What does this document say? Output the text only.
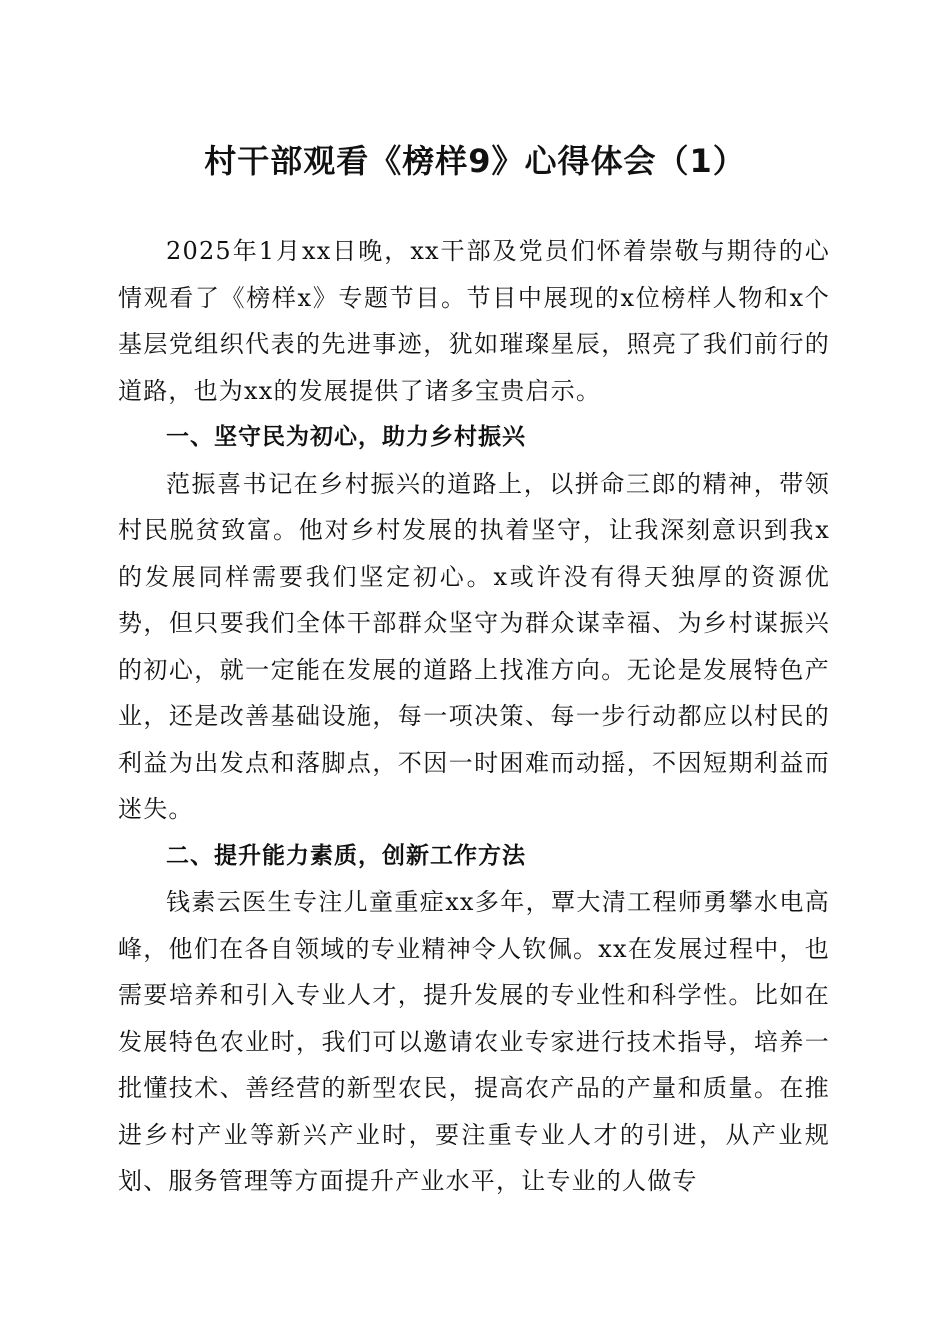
村干部观看《榜样9》心得体会（1）

2025年1月xx日晚，xx干部及党员们怀着崇敬与期待的心情观看了《榜样x》专题节目。节目中展现的x位榜样人物和x个基层党组织代表的先进事迹，犹如璀璨星辰，照亮了我们前行的道路，也为xx的发展提供了诸多宝贵启示。

一、坚守民为初心，助力乡村振兴

范振喜书记在乡村振兴的道路上，以拼命三郎的精神，带领村民脱贫致富。他对乡村发展的执着坚守，让我深刻意识到我x的发展同样需要我们坚定初心。x或许没有得天独厚的资源优势，但只要我们全体干部群众坚守为群众谋幸福、为乡村谋振兴的初心，就一定能在发展的道路上找准方向。无论是发展特色产业，还是改善基础设施，每一项决策、每一步行动都应以村民的利益为出发点和落脚点，不因一时困难而动摇，不因短期利益而迷失。

二、提升能力素质，创新工作方法

钱素云医生专注儿童重症xx多年，覃大清工程师勇攀水电高峰，他们在各自领域的专业精神令人钦佩。xx在发展过程中，也需要培养和引入专业人才，提升发展的专业性和科学性。比如在发展特色农业时，我们可以邀请农业专家进行技术指导，培养一批懂技术、善经营的新型农民，提高农产品的产量和质量。在推进乡村产业等新兴产业时，要注重专业人才的引进，从产业规划、服务管理等方面提升产业水平，让专业的人做专
